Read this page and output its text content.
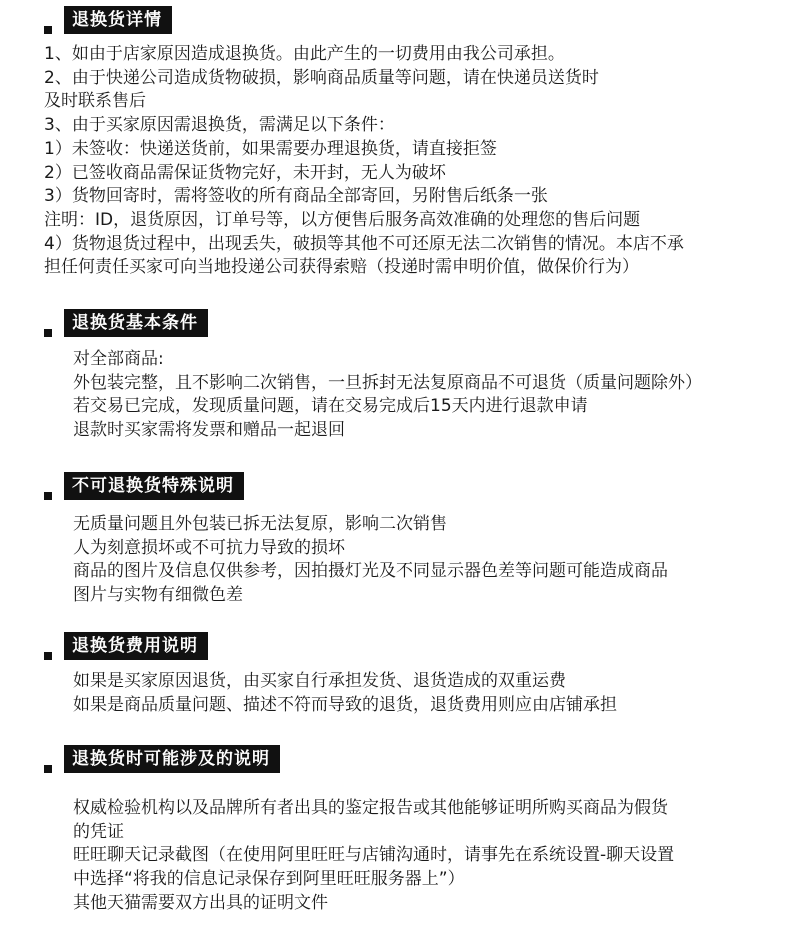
退换货详情
1、如由于店家原因造成退换货。由此产生的一切费用由我公司承担。
2、由于快递公司造成货物破损，影响商品质量等问题，请在快递员送货时
及时联系售后
3、由于买家原因需退换货，需满足以下条件：
1）未签收：快递送货前，如果需要办理退换货，请直接拒签
2）已签收商品需保证货物完好，未开封，无人为破坏
3）货物回寄时，需将签收的所有商品全部寄回，另附售后纸条一张
注明：ID，退货原因，订单号等，以方便售后服务高效准确的处理您的售后问题
4）货物退货过程中，出现丢失，破损等其他不可还原无法二次销售的情况。本店不承
担任何责任买家可向当地投递公司获得索赔（投递时需申明价值，做保价行为）
退换货基本条件
对全部商品:
外包装完整，且不影响二次销售，一旦拆封无法复原商品不可退货（质量问题除外）
若交易已完成，发现质量问题，请在交易完成后15天内进行退款申请
退款时买家需将发票和赠品一起退回
不可退换货特殊说明
无质量问题且外包装已拆无法复原，影响二次销售
人为刻意损坏或不可抗力导致的损坏
商品的图片及信息仅供参考，因拍摄灯光及不同显示器色差等问题可能造成商品
图片与实物有细微色差
退换货费用说明
如果是买家原因退货，由买家自行承担发货、退货造成的双重运费
如果是商品质量问题、描述不符而导致的退货，退货费用则应由店铺承担
退换货时可能涉及的说明
权威检验机构以及品牌所有者出具的鉴定报告或其他能够证明所购买商品为假货
的凭证
旺旺聊天记录截图（在使用阿里旺旺与店铺沟通时，请事先在系统设置-聊天设置
中选择“将我的信息记录保存到阿里旺旺服务器上”）
其他天猫需要双方出具的证明文件
